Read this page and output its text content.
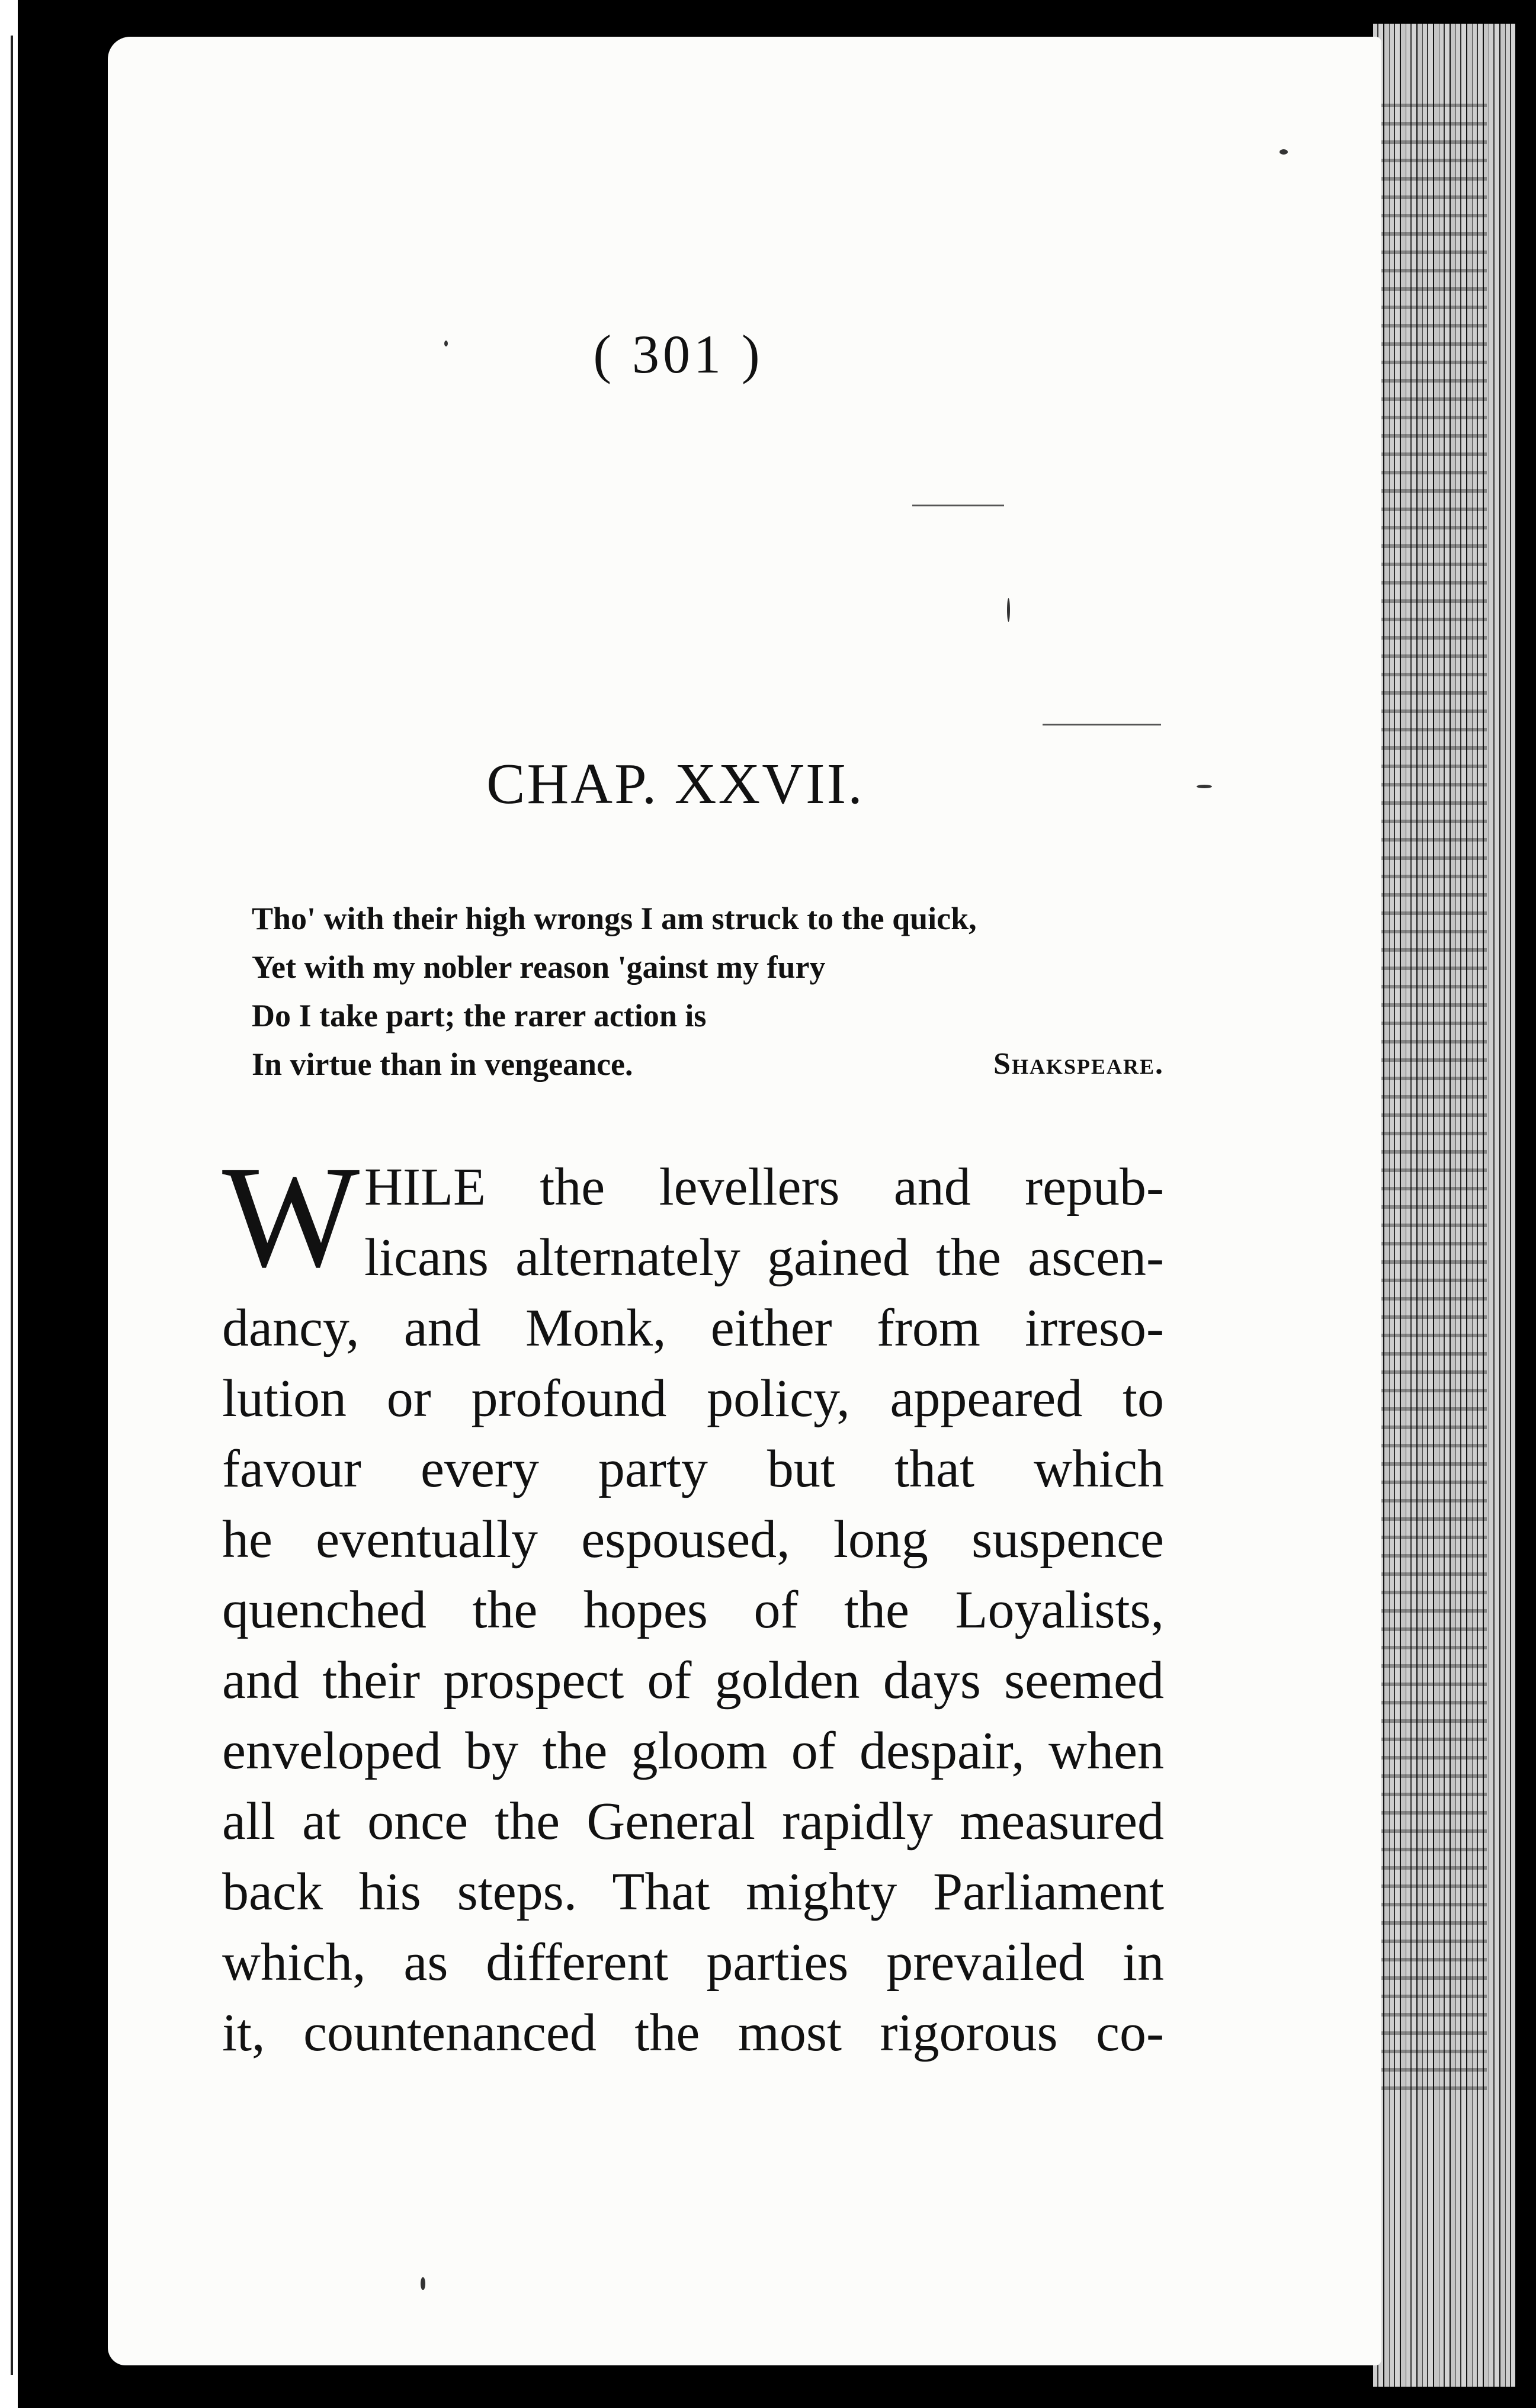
( 301 )

CHAP. XXVII.
Tho' with their high wrongs I am struck to the quick,
Yet with my nobler reason 'gainst my fury
Do I take part; the rarer action is
In virtue than in vengeance.	Shakspeare.

W HILE the levellers and repub-
licans alternately gained the ascen-
dancy, and Monk, either from irreso-
lution or profound policy, appeared to
favour every party but that which
he eventually espoused, long suspence
quenched the hopes of the Loyalists,
and their prospect of golden days seemed
enveloped by the gloom of despair, when
all at once the General rapidly measured
back his steps. That mighty Parliament
which, as different parties prevailed in
it, countenanced the most rigorous co-
